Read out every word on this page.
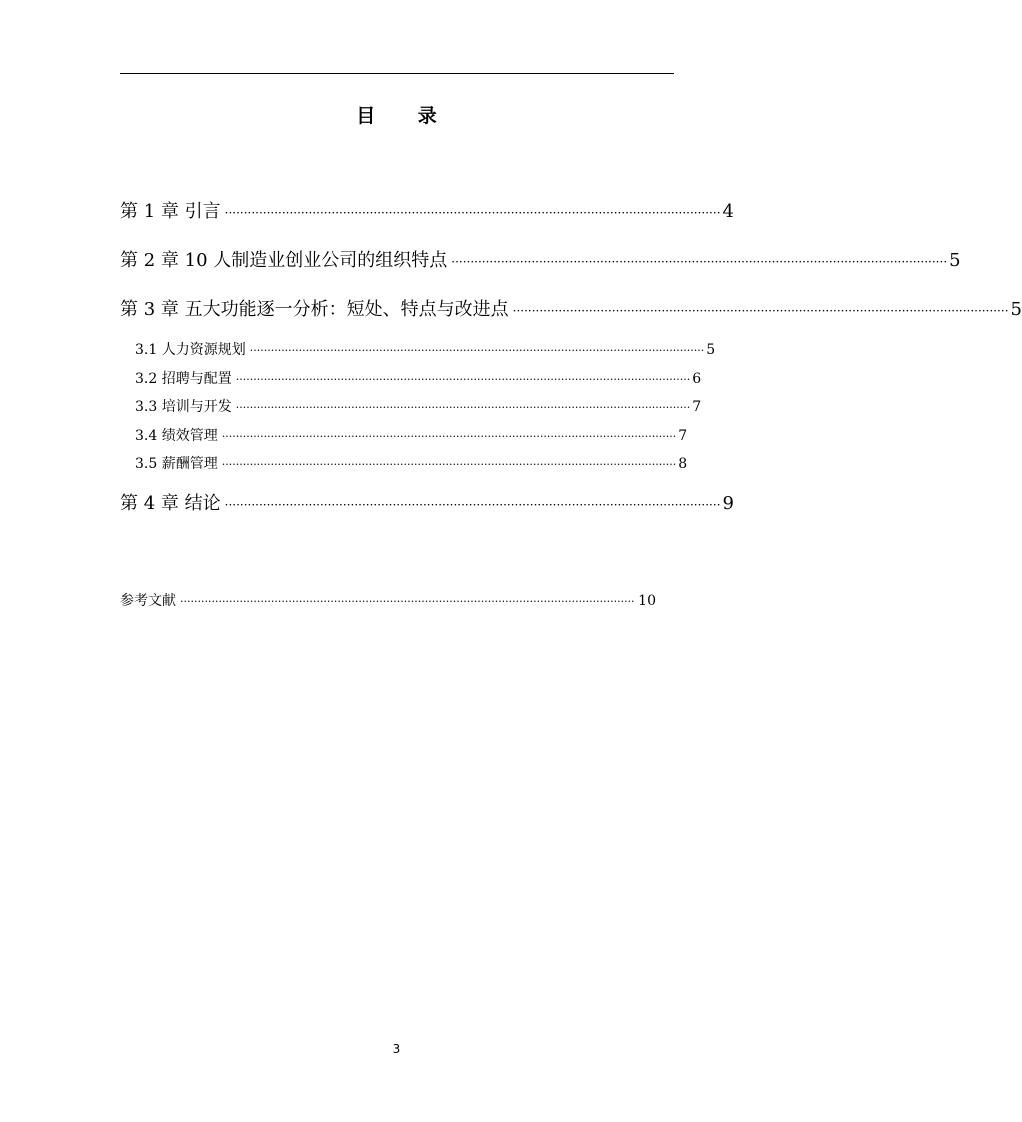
目 录
第 1 章 引言 ·································································································································· 4
第 2 章 10 人制造业创业公司的组织特点 ·································································································································· 5
第 3 章 五大功能逐一分析：短处、特点与改进点 ·································································································································· 5
3.1 人力资源规划 ·································································································································· 5
3.2 招聘与配置 ·································································································································· 6
3.3 培训与开发 ·································································································································· 7
3.4 绩效管理 ·································································································································· 7
3.5 薪酬管理 ·································································································································· 8
第 4 章 结论 ·································································································································· 9
参考文献 ·································································································································· 10
3
